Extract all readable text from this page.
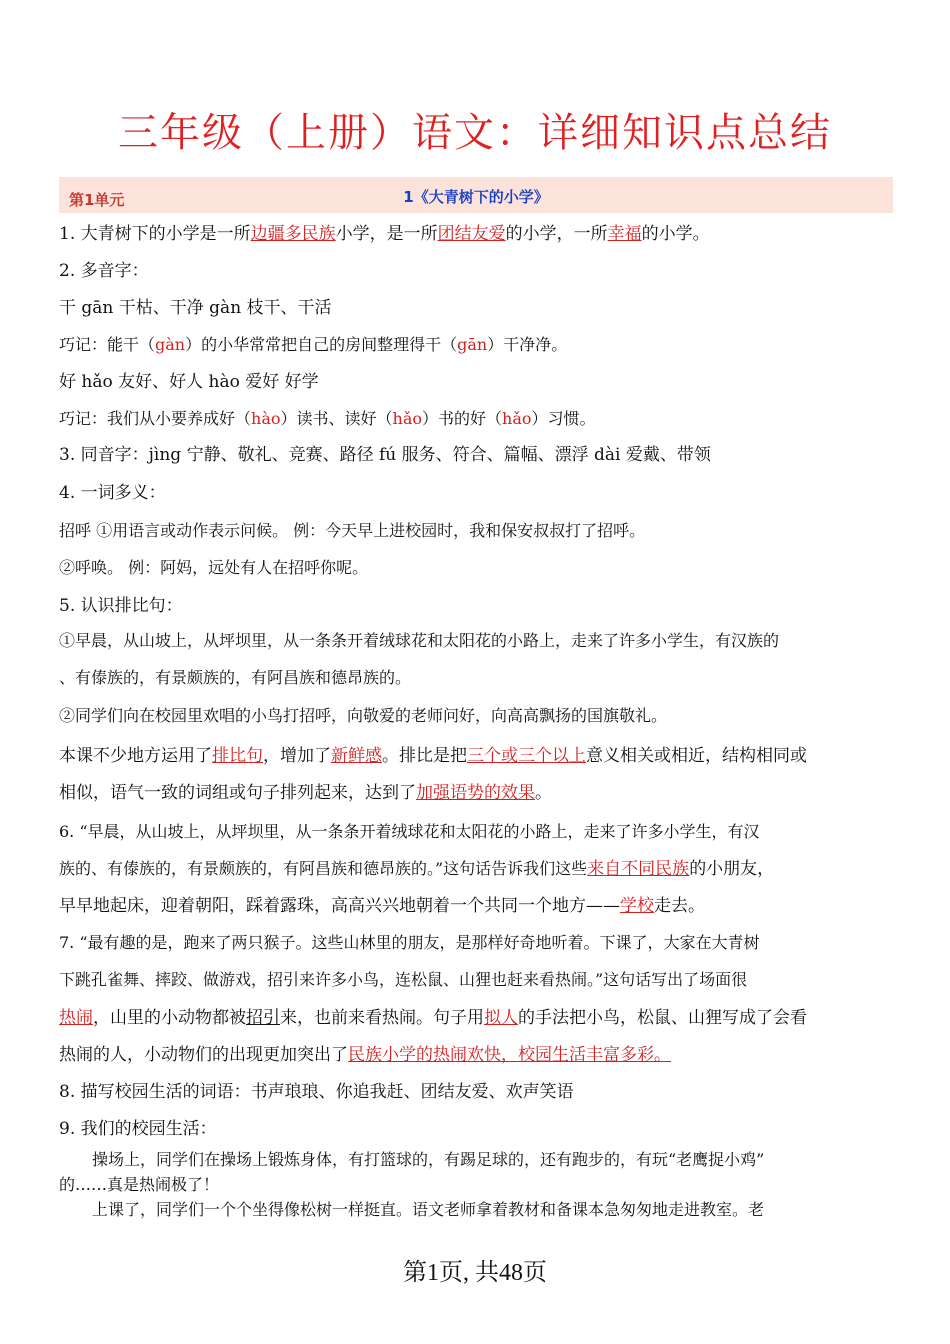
三年级（上册）语文：详细知识点总结
第1单元	1《大青树下的小学》
1. 大青树下的小学是一所边疆多民族小学，是一所团结友爱的小学，一所幸福的小学。
2. 多音字：
干 gān 干枯、干净 gàn 枝干、干活
巧记：能干（gàn）的小华常常把自己的房间整理得干（gān）干净净。
好 hǎo 友好、好人 hào 爱好 好学
巧记：我们从小要养成好（hào）读书、读好（hǎo）书的好（hǎo）习惯。
3. 同音字：jìng 宁静、敬礼、竞赛、路径 fú 服务、符合、篇幅、漂浮 dài 爱戴、带领
4. 一词多义：
招呼 ①用语言或动作表示问候。 例：今天早上进校园时，我和保安叔叔打了招呼。
②呼唤。 例：阿妈，远处有人在招呼你呢。
5. 认识排比句：
①早晨，从山坡上，从坪坝里，从一条条开着绒球花和太阳花的小路上，走来了许多小学生，有汉族的
、有傣族的，有景颇族的，有阿昌族和德昂族的。
②同学们向在校园里欢唱的小鸟打招呼，向敬爱的老师问好，向高高飘扬的国旗敬礼。
本课不少地方运用了排比句，增加了新鲜感。排比是把三个或三个以上意义相关或相近，结构相同或
相似，语气一致的词组或句子排列起来，达到了加强语势的效果。
6. “早晨，从山坡上，从坪坝里，从一条条开着绒球花和太阳花的小路上，走来了许多小学生，有汉
族的、有傣族的，有景颇族的，有阿昌族和德昂族的。”这句话告诉我们这些来自不同民族的小朋友，
早早地起床，迎着朝阳，踩着露珠，高高兴兴地朝着一个共同一个地方——学校走去。
7. “最有趣的是，跑来了两只猴子。这些山林里的朋友，是那样好奇地听着。下课了，大家在大青树
下跳孔雀舞、摔跤、做游戏，招引来许多小鸟，连松鼠、山狸也赶来看热闹。”这句话写出了场面很
热闹，山里的小动物都被招引来，也前来看热闹。句子用拟人的手法把小鸟，松鼠、山狸写成了会看
热闹的人，小动物们的出现更加突出了民族小学的热闹欢快，校园生活丰富多彩。
8. 描写校园生活的词语：书声琅琅、你追我赶、团结友爱、欢声笑语
9. 我们的校园生活：
操场上，同学们在操场上锻炼身体，有打篮球的，有踢足球的，还有跑步的，有玩“老鹰捉小鸡”
的……真是热闹极了！
上课了，同学们一个个坐得像松树一样挺直。语文老师拿着教材和备课本急匆匆地走进教室。老
第1页, 共48页
